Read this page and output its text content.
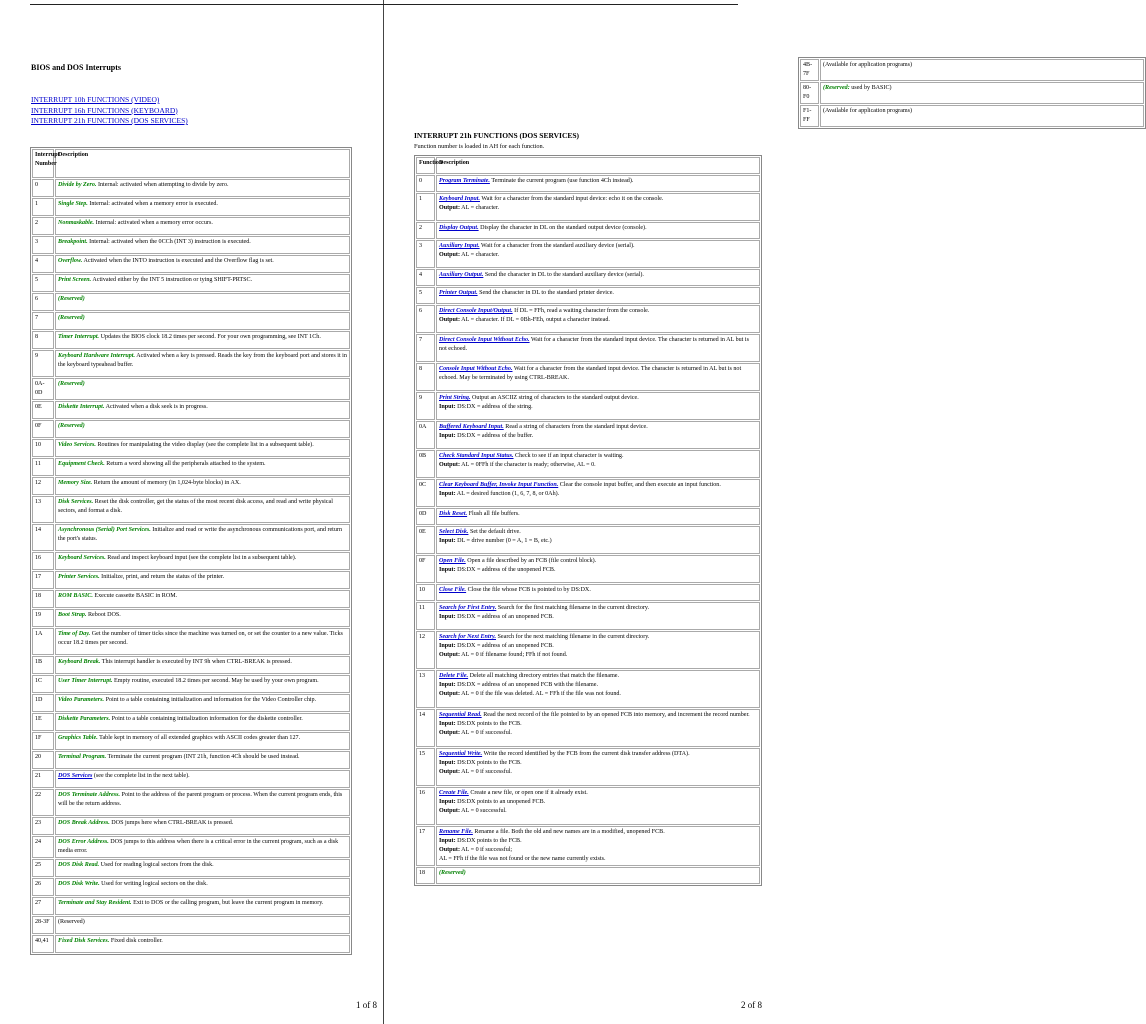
BIOS and DOS Interrupts
INTERRUPT 10h FUNCTIONS (VIDEO)
INTERRUPT 16h FUNCTIONS (KEYBOARD)
INTERRUPT 21h FUNCTIONS (DOS SERVICES)
Interrupt Number	Description
0	Divide by Zero. Internal: activated when attempting to divide by zero.
1	Single Step. Internal: activated when a memory error is executed.
2	Nonmaskable. Internal: activated when a memory error occurs.
3	Breakpoint. Internal: activated when the 0CCh (INT 3) instruction is executed.
4	Overflow. Activated when the INTO instruction is executed and the Overflow flag is set.
5	Print Screen. Activated either by the INT 5 instruction or tying SHIFT-PRTSC.
6	(Reserved)
7	(Reserved)
8	Timer Interrupt. Updates the BIOS clock 18.2 times per second. For your own programming, see INT 1Ch.
9	Keyboard Hardware Interrupt. Activated when a key is pressed. Reads the key from the keyboard port and stores it in the keyboard typeahead buffer.
0A-0D	(Reserved)
0E	Diskette Interrupt. Activated when a disk seek is in progress.
0F	(Reserved)
10	Video Services. Routines for manipulating the video display (see the complete list in a subsequent table).
11	Equipment Check. Return a word showing all the peripherals attached to the system.
12	Memory Size. Return the amount of memory (in 1,024-byte blocks) in AX.
13	Disk Services. Reset the disk controller, get the status of the most recent disk access, and read and write physical sectors, and format a disk.
14	Asynchronous (Serial) Port Services. Initialize and read or write the asynchronous communications port, and return the port's status.
16	Keyboard Services. Read and inspect keyboard input (see the complete list in a subsequent table).
17	Printer Services. Initialize, print, and return the status of the printer.
18	ROM BASIC. Execute cassette BASIC in ROM.
19	Boot Strap. Reboot DOS.
1A	Time of Day. Get the number of timer ticks since the machine was turned on, or set the counter to a new value. Ticks occur 18.2 times per second.
1B	Keyboard Break. This interrupt handler is executed by INT 9h when CTRL-BREAK is pressed.
1C	User Timer Interrupt. Empty routine, executed 18.2 times per second. May be used by your own program.
1D	Video Parameters. Point to a table containing initialization and information for the Video Controller chip.
1E	Diskette Parameters. Point to a table containing initialization information for the diskette controller.
1F	Graphics Table. Table kept in memory of all extended graphics with ASCII codes greater than 127.
20	Terminal Program. Terminate the current program (INT 21h, function 4Ch should be used instead.
21	DOS Services (see the complete list in the next table).
22	DOS Terminate Address. Point to the address of the parent program or process. When the current program ends, this will be the return address.
23	DOS Break Address. DOS jumps here when CTRL-BREAK is pressed.
24	DOS Error Address. DOS jumps to this address when there is a critical error in the current program, such as a disk media error.
25	DOS Disk Read. Used for reading logical sectors from the disk.
26	DOS Disk Write. Used for writing logical sectors on the disk.
27	Terminate and Stay Resident. Exit to DOS or the calling program, but leave the current program in memory.
28-3F	(Reserved)
40,41	Fixed Disk Services. Fixed disk controller.
1 of 8
4B-7F	(Available for application programs)
80-F0	(Reserved: used by BASIC)
F1-FF	(Available for application programs)
2 of 8
INTERRUPT 21h FUNCTIONS (DOS SERVICES)
Function number is loaded in AH for each function.
Function	Description
0	Program Terminate. Terminate the current program (use function 4Ch instead).
1	Keyboard Input. Wait for a character from the standard input device: echo it on the console.
Output: AL = character.
2	Display Output. Display the character in DL on the standard output device (console).
3	Auxiliary Input. Wait for a character from the standard auxiliary device (serial).
Output: AL = character.
4	Auxiliary Output. Send the character in DL to the standard auxiliary device (serial).
5	Printer Output. Send the character in DL to the standard printer device.
6	Direct Console Input/Output. If DL = FFh, read a waiting character from the console.
Output: AL = character. If DL = 0Bh-FEh, output a character instead.
7	Direct Console Input Without Echo. Wait for a character from the standard input device. The character is returned in AL but is not echoed.
8	Console Input Without Echo. Wait for a character from the standard input device. The character is returned in AL but is not echoed. May be terminated by using CTRL-BREAK.
9	Print String. Output an ASCIIZ string of characters to the standard output device.
Input: DS:DX = address of the string.
0A	Buffered Keyboard Input. Read a string of characters from the standard input device.
Input: DS:DX = address of the buffer.
0B	Check Standard Input Status. Check to see if an input character is waiting.
Output: AL = 0FFh if the character is ready; otherwise, AL = 0.
0C	Clear Keyboard Buffer, Invoke Input Function. Clear the console input buffer, and then execute an input function.
Input: AL = desired function (1, 6, 7, 8, or 0Ah).
0D	Disk Reset. Flush all file buffers.
0E	Select Disk. Set the default drive.
Input: DL = drive number (0 = A, 1 = B, etc.)
0F	Open File. Open a file described by an FCB (file control block).
Input: DS:DX = address of the unopened FCB.
10	Close File. Close the file whose FCB is pointed to by DS:DX.
11	Search for First Entry. Search for the first matching filename in the current directory.
Input: DS:DX = address of an unopened FCB.
12	Search for Next Entry. Search for the next matching filename in the current directory.
Input: DS:DX = address of an unopened FCB.
Output: AL = 0 if filename found; FFh if not found.
13	Delete File. Delete all matching directory entries that match the filename.
Input: DS:DX = address of an unopened FCB with the filename.
Output: AL = 0 if the file was deleted. AL = FFh if the file was not found.
14	Sequential Read. Read the next record of the file pointed to by an opened FCB into memory, and increment the record number.
Input: DS:DX points to the FCB.
Output: AL = 0 if successful.
15	Sequential Write. Write the record identified by the FCB from the current disk transfer address (DTA).
Input: DS:DX points to the FCB.
Output: AL = 0 if successful.
16	Create File. Create a new file, or open one if it already exist.
Input: DS:DX points to an unopened FCB.
Output: AL = 0 successful.
17	Rename File. Rename a file. Both the old and new names are in a modified, unopened FCB.
Input: DS:DX points to the FCB.
Output: AL = 0 if successful;
AL = FFh if the file was not found or the new name currently exists.
18	(Reserved)
